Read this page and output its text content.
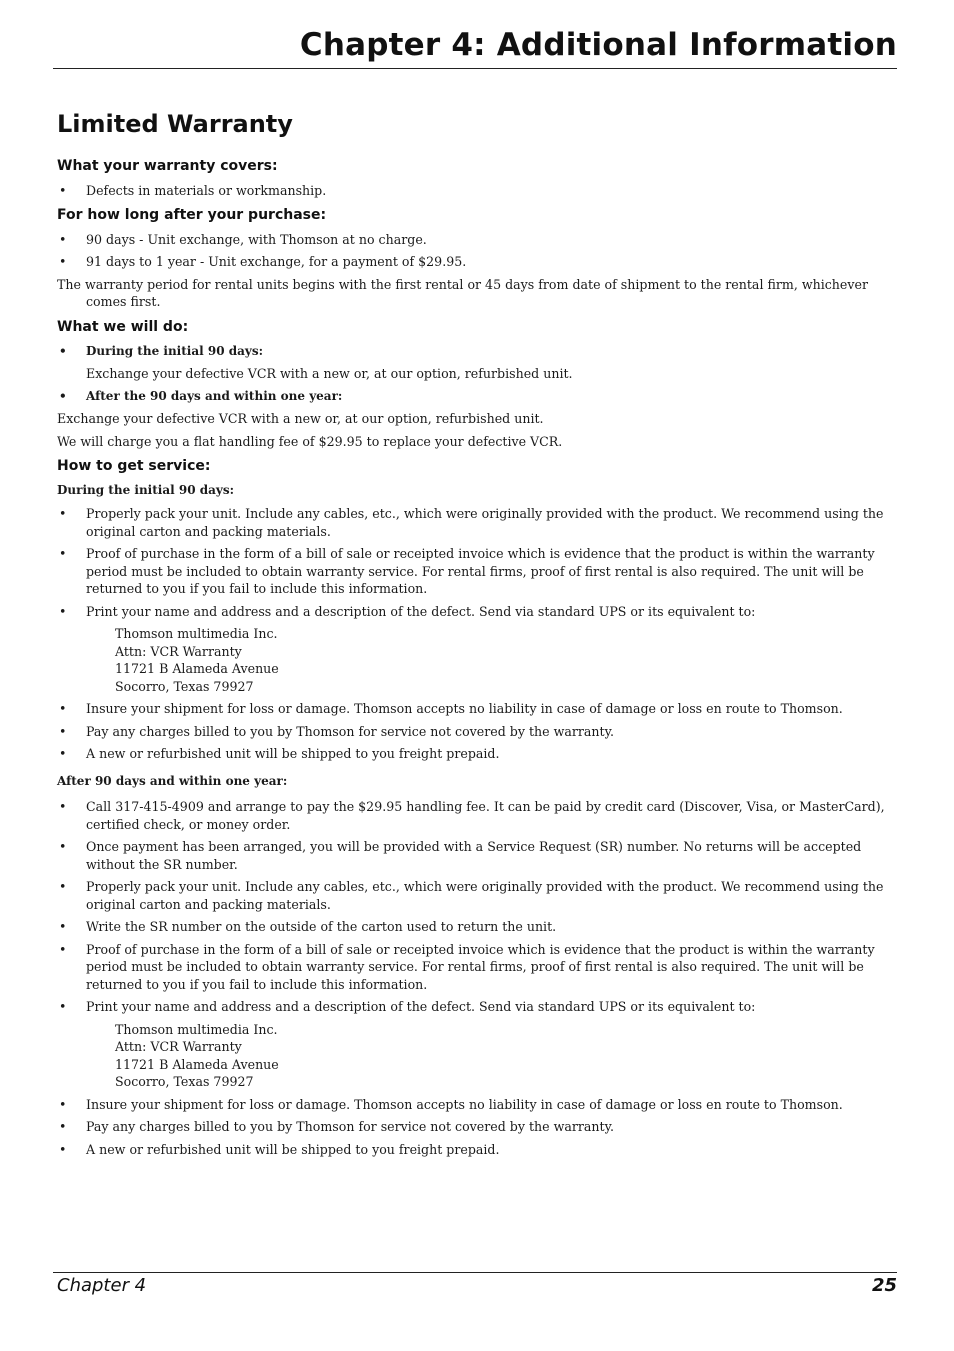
Chapter 4: Additional Information
Limited Warranty
What your warranty covers:
• Defects in materials or workmanship.
For how long after your purchase:
• 90 days - Unit exchange, with Thomson at no charge.
• 91 days to 1 year - Unit exchange, for a payment of $29.95.

The warranty period for rental units begins with the first rental or 45 days from date of shipment to the rental firm, whichever comes first.

What we will do:
• During the initial 90 days:

Exchange your defective VCR with a new or, at our option, refurbished unit.

• After the 90 days and within one year:

Exchange your defective VCR with a new or, at our option, refurbished unit.

We will charge you a flat handling fee of $29.95 to replace your defective VCR.

How to get service:

During the initial 90 days:

• Properly pack your unit. Include any cables, etc., which were originally provided with the product. We recommend using the original carton and packing materials.
• Proof of purchase in the form of a bill of sale or receipted invoice which is evidence that the product is within the warranty period must be included to obtain warranty service. For rental firms, proof of first rental is also required. The unit will be returned to you if you fail to include this information.
• Print your name and address and a description of the defect. Send via standard UPS or its equivalent to:
Thomson multimedia Inc.
Attn: VCR Warranty
11721 B Alameda Avenue
Socorro, Texas 79927
• Insure your shipment for loss or damage. Thomson accepts no liability in case of damage or loss en route to Thomson.
• Pay any charges billed to you by Thomson for service not covered by the warranty.
• A new or refurbished unit will be shipped to you freight prepaid.

After 90 days and within one year:

• Call 317-415-4909 and arrange to pay the $29.95 handling fee. It can be paid by credit card (Discover, Visa, or MasterCard), certified check, or money order.
• Once payment has been arranged, you will be provided with a Service Request (SR) number. No returns will be accepted without the SR number.
• Properly pack your unit. Include any cables, etc., which were originally provided with the product. We recommend using the original carton and packing materials.
• Write the SR number on the outside of the carton used to return the unit.
• Proof of purchase in the form of a bill of sale or receipted invoice which is evidence that the product is within the warranty period must be included to obtain warranty service. For rental firms, proof of first rental is also required. The unit will be returned to you if you fail to include this information.
• Print your name and address and a description of the defect. Send via standard UPS or its equivalent to:
Thomson multimedia Inc.
Attn: VCR Warranty
11721 B Alameda Avenue
Socorro, Texas 79927
• Insure your shipment for loss or damage. Thomson accepts no liability in case of damage or loss en route to Thomson.
• Pay any charges billed to you by Thomson for service not covered by the warranty.
• A new or refurbished unit will be shipped to you freight prepaid.

Chapter 4	25
